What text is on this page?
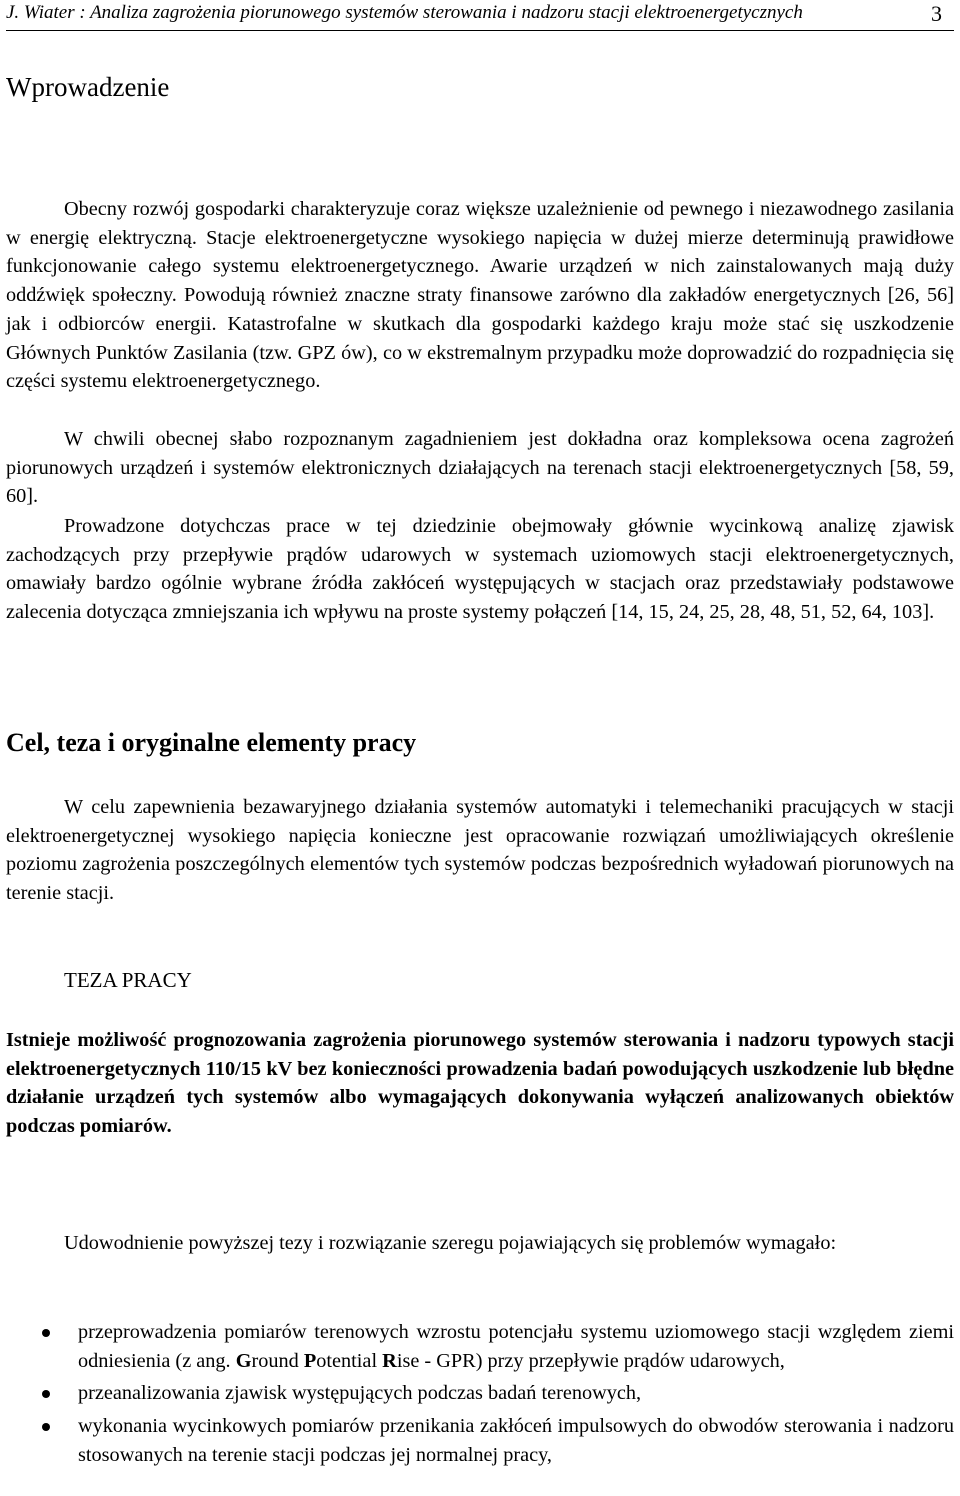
J. Wiater : Analiza zagrożenia piorunowego systemów sterowania i nadzoru stacji elektroenergetycznych	3
Wprowadzenie

Obecny rozwój gospodarki charakteryzuje coraz większe uzależnienie od pewnego i niezawodnego zasilania w energię elektryczną. Stacje elektroenergetyczne wysokiego napięcia w dużej mierze determinują prawidłowe funkcjonowanie całego systemu elektroenergetycznego. Awarie urządzeń w nich zainstalowanych mają duży oddźwięk społeczny. Powodują również znaczne straty finansowe zarówno dla zakładów energetycznych [26, 56] jak i odbiorców energii. Katastrofalne w skutkach dla gospodarki każdego kraju może stać się uszkodzenie Głównych Punktów Zasilania (tzw. GPZ ów), co w ekstremalnym przypadku może doprowadzić do rozpadnięcia się części systemu elektroenergetycznego.

W chwili obecnej słabo rozpoznanym zagadnieniem jest dokładna oraz kompleksowa ocena zagrożeń piorunowych urządzeń i systemów elektronicznych działających na terenach stacji elektroenergetycznych [58, 59, 60].

Prowadzone dotychczas prace w tej dziedzinie obejmowały głównie wycinkową analizę zjawisk zachodzących przy przepływie prądów udarowych w systemach uziomowych stacji elektroenergetycznych, omawiały bardzo ogólnie wybrane źródła zakłóceń występujących w stacjach oraz przedstawiały podstawowe zalecenia dotycząca zmniejszania ich wpływu na proste systemy połączeń [14, 15, 24, 25, 28, 48, 51, 52, 64, 103].

Cel, teza i oryginalne elementy pracy

W celu zapewnienia bezawaryjnego działania systemów automatyki i telemechaniki pracujących w stacji elektroenergetycznej wysokiego napięcia konieczne jest opracowanie rozwiązań umożliwiających określenie poziomu zagrożenia poszczególnych elementów tych systemów podczas bezpośrednich wyładowań piorunowych na terenie stacji.

TEZA PRACY

Istnieje możliwość prognozowania zagrożenia piorunowego systemów sterowania i nadzoru typowych stacji elektroenergetycznych 110/15 kV bez konieczności prowadzenia badań powodujących uszkodzenie lub błędne działanie urządzeń tych systemów albo wymagających dokonywania wyłączeń analizowanych obiektów podczas pomiarów.

Udowodnienie powyższej tezy i rozwiązanie szeregu pojawiających się problemów wymagało:

przeprowadzenia pomiarów terenowych wzrostu potencjału systemu uziomowego stacji względem ziemi odniesienia (z ang. Ground Potential Rise - GPR) przy przepływie prądów udarowych,
przeanalizowania zjawisk występujących podczas badań terenowych,
wykonania wycinkowych pomiarów przenikania zakłóceń impulsowych do obwodów sterowania i nadzoru stosowanych na terenie stacji podczas jej normalnej pracy,
